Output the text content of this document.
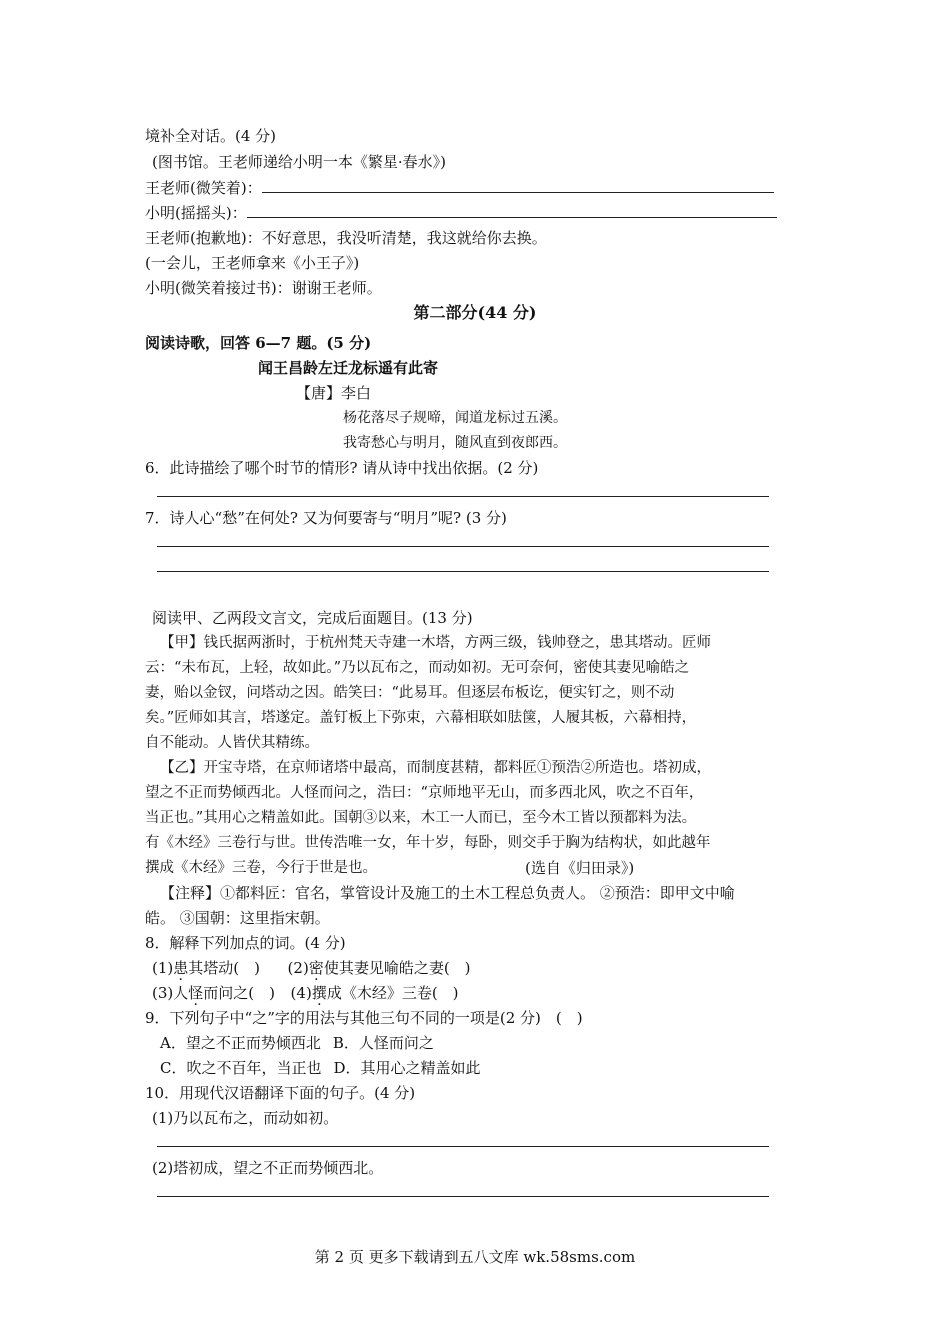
境补全对话。(4 分)
(图书馆。王老师递给小明一本《繁星·春水》)
王老师(微笑着)：
小明(摇摇头)：
王老师(抱歉地)：不好意思，我没听清楚，我这就给你去换。
(一会儿，王老师拿来《小王子》)
小明(微笑着接过书)：谢谢王老师。
第二部分(44 分)
阅读诗歌，回答 6—7 题。(5 分)
闻王昌龄左迁龙标遥有此寄
【唐】李白
杨花落尽子规啼，闻道龙标过五溪。
我寄愁心与明月，随风直到夜郎西。
6．此诗描绘了哪个时节的情形? 请从诗中找出依据。(2 分)
7．诗人心“愁”在何处? 又为何要寄与“明月”呢? (3 分)
阅读甲、乙两段文言文，完成后面题目。(13 分)
【甲】钱氏据两浙时，于杭州梵天寺建一木塔，方两三级，钱帅登之，患其塔动。匠师
云：“未布瓦，上轻，故如此。”乃以瓦布之，而动如初。无可奈何，密使其妻见喻皓之
妻，贻以金钗，问塔动之因。皓笑曰：“此易耳。但逐层布板讫，便实钉之，则不动
矣。”匠师如其言，塔遂定。盖钉板上下弥束，六幕相联如胠箧，人履其板，六幕相持，
自不能动。人皆伏其精练。
【乙】开宝寺塔，在京师诸塔中最高，而制度甚精，都料匠①预浩②所造也。塔初成，
望之不正而势倾西北。人怪而问之，浩曰：“京师地平无山，而多西北风，吹之不百年，
当正也。”其用心之精盖如此。国朝③以来，木工一人而已，至今木工皆以预都料为法。
有《木经》三卷行与世。世传浩唯一女，年十岁，每卧，则交手于胸为结构状，如此越年
撰成《木经》三卷，今行于世是也。	(选自《归田录》)
【注释】①都料匠：官名，掌管设计及施工的土木工程总负责人。 ②预浩：即甲文中喻
皓。 ③国朝：这里指宋朝。
8．解释下列加点的词。(4 分)
(1)患其塔动(　) (2)密使其妻见喻皓之妻(　)
(3)人怪而问之(　) (4)撰成《木经》三卷(　)
9．下列句子中“之”字的用法与其他三句不同的一项是(2 分)　(　)
A．望之不正而势倾西北 B．人怪而问之
C．吹之不百年，当正也 D．其用心之精盖如此
10．用现代汉语翻译下面的句子。(4 分)
(1)乃以瓦布之，而动如初。
(2)塔初成，望之不正而势倾西北。
第 2 页 更多下载请到五八文库 wk.58sms.com
